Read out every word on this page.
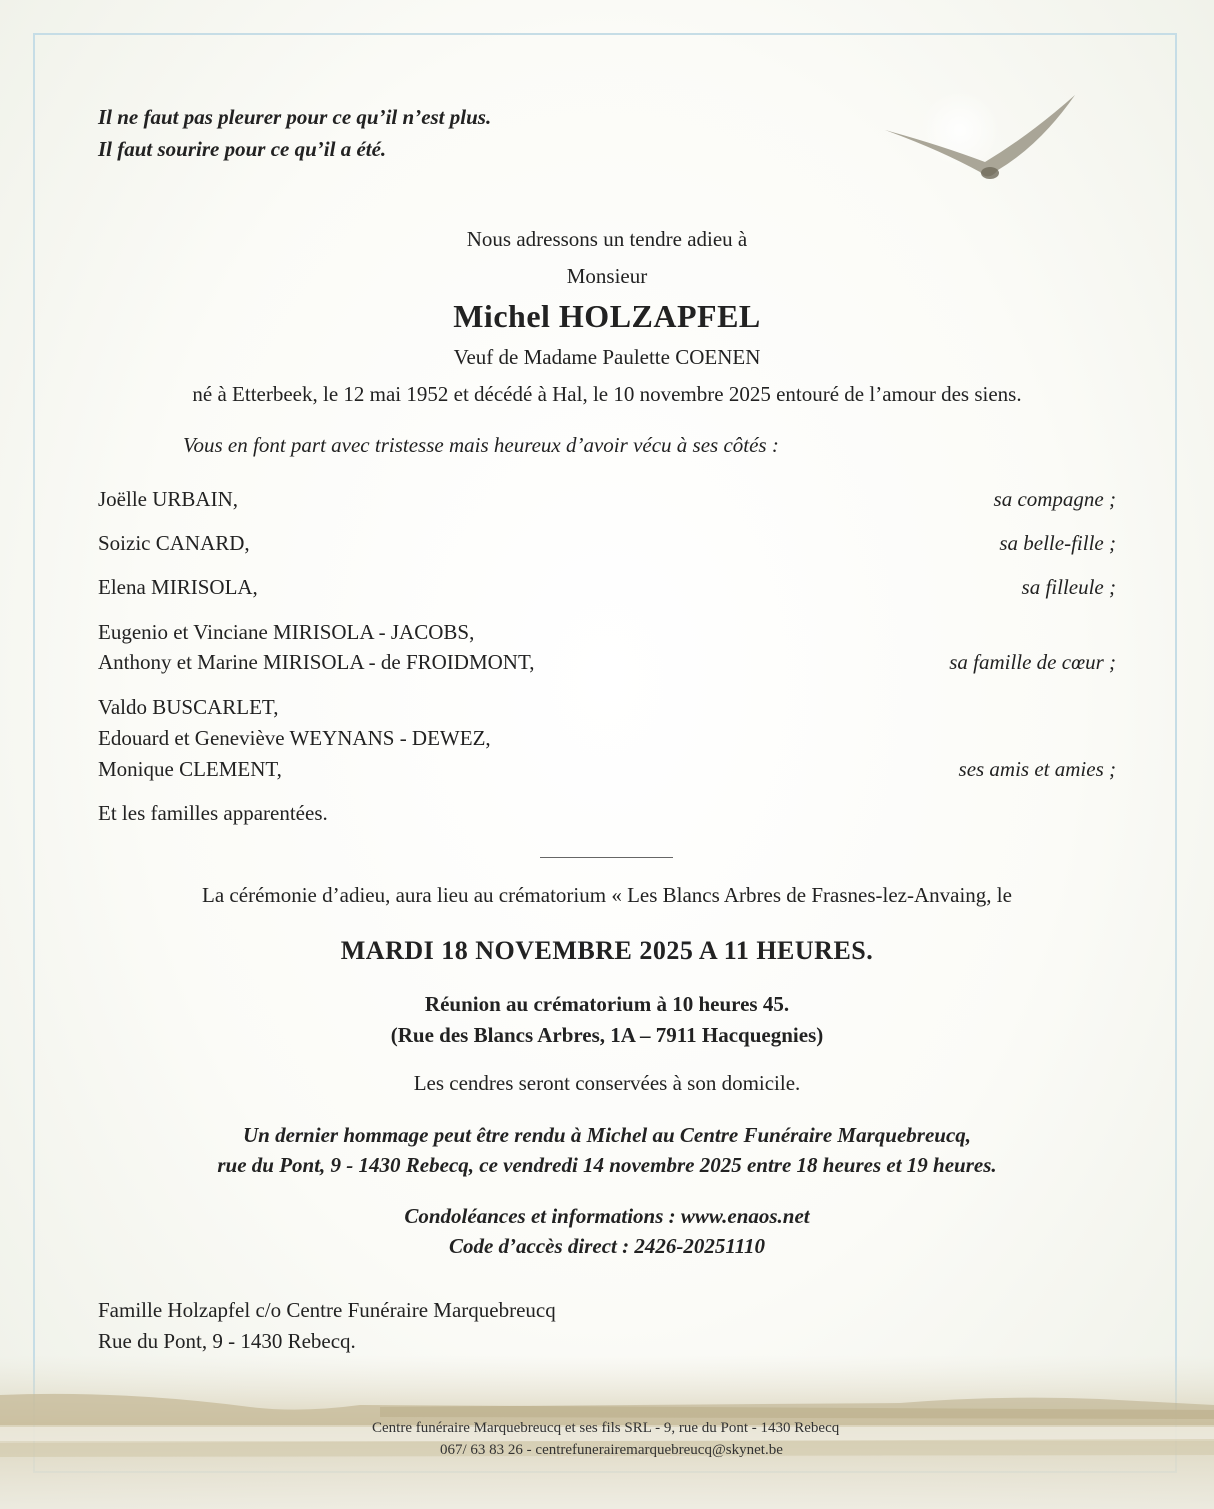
Il ne faut pas pleurer pour ce qu’il n’est plus.
Il faut sourire pour ce qu’il a été.
Nous adressons un tendre adieu à
Monsieur
Michel HOLZAPFEL
Veuf de Madame Paulette COENEN
né à Etterbeek, le 12 mai 1952 et décédé à Hal, le 10 novembre 2025 entouré de l’amour des siens.
Vous en font part avec tristesse mais heureux d’avoir vécu à ses côtés :
Joëlle URBAIN,	sa compagne ;
Soizic CANARD,	sa belle-fille ;
Elena MIRISOLA,	sa filleule ;
Eugenio et Vinciane MIRISOLA - JACOBS,
Anthony et Marine MIRISOLA - de FROIDMONT,	sa famille de cœur ;
Valdo BUSCARLET,
Edouard et Geneviève WEYNANS - DEWEZ,
Monique CLEMENT,	ses amis et amies ;
Et les familles apparentées.
La cérémonie d’adieu, aura lieu au crématorium « Les Blancs Arbres de Frasnes-lez-Anvaing, le
MARDI 18 NOVEMBRE 2025 A 11 HEURES.
Réunion au crématorium à 10 heures 45.
(Rue des Blancs Arbres, 1A – 7911 Hacquegnies)
Les cendres seront conservées à son domicile.
Un dernier hommage peut être rendu à Michel au Centre Funéraire Marquebreucq,
rue du Pont, 9 - 1430 Rebecq, ce vendredi 14 novembre 2025 entre 18 heures et 19 heures.
Condoléances et informations : www.enaos.net
Code d’accès direct : 2426-20251110
Famille Holzapfel c/o Centre Funéraire Marquebreucq
Rue du Pont, 9 - 1430 Rebecq.
Centre funéraire Marquebreucq et ses fils SRL - 9, rue du Pont - 1430 Rebecq
067/ 63 83 26 - centrefunerairemarquebreucq@skynet.be
